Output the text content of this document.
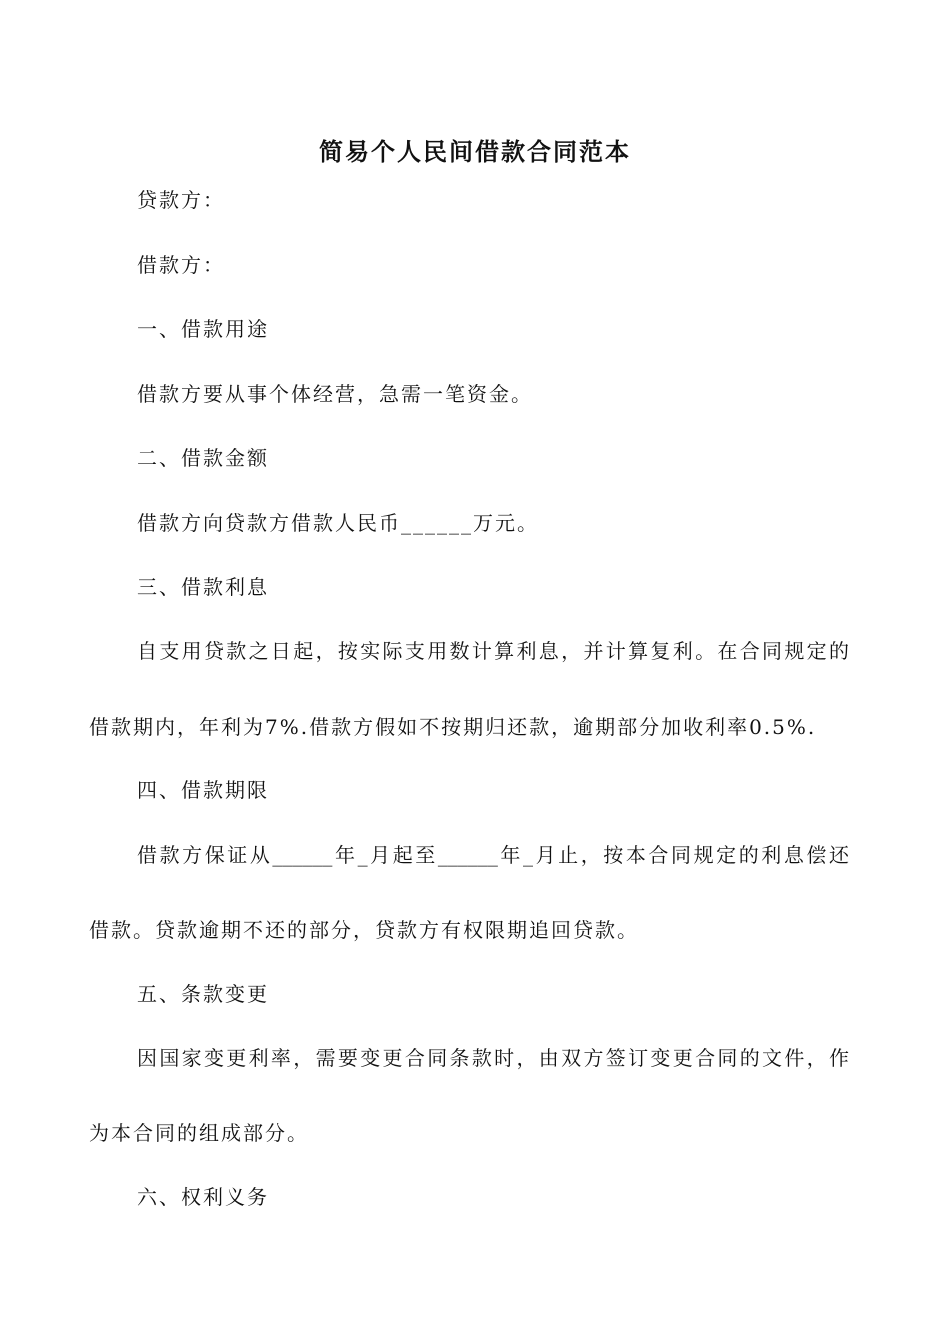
简易个人民间借款合同范本
贷款方：
借款方：
一、借款用途
借款方要从事个体经营，急需一笔资金。
二、借款金额
借款方向贷款方借款人民币______万元。
三、借款利息
自支用贷款之日起，按实际支用数计算利息，并计算复利。在合同规定的
借款期内，年利为7%.借款方假如不按期归还款，逾期部分加收利率0.5%.
四、借款期限
借款方保证从______年_月起至______年_月止，按本合同规定的利息偿还
借款。贷款逾期不还的部分，贷款方有权限期追回贷款。
五、条款变更
因国家变更利率，需要变更合同条款时，由双方签订变更合同的文件，作
为本合同的组成部分。
六、权利义务
